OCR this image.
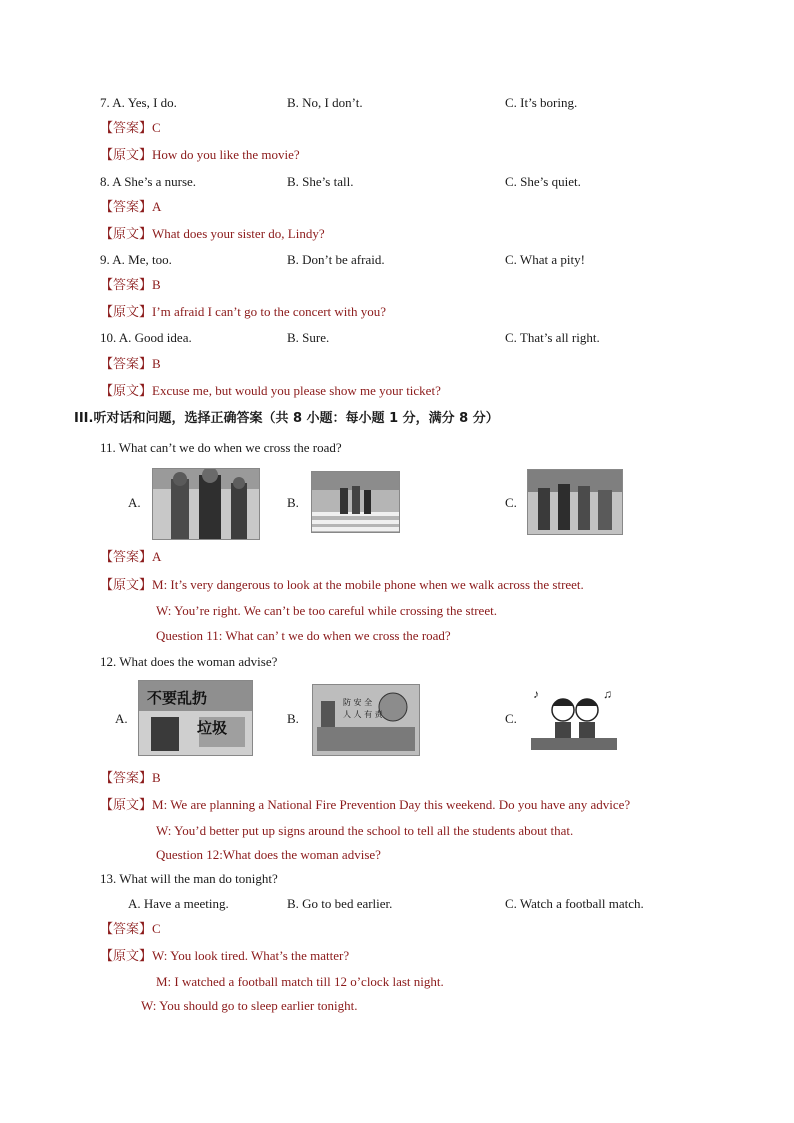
7. A. Yes, I do.	B. No, I don’t.	C. It’s boring.
【答案】C
【原文】How do you like the movie?
8. A She’s a nurse.	B. She’s tall.	C. She’s quiet.
【答案】A
【原文】What does your sister do, Lindy?
9. A. Me, too.	B. Don’t be afraid.	C. What a pity!
【答案】B
【原文】I’m afraid I can’t go to the concert with you?
10. A. Good idea.	B. Sure.	C. That’s all right.
【答案】B
【原文】Excuse me, but would you please show me your ticket?
III.听对话和问题，选择正确答案（共 8 小题：每小题 1 分，满分 8 分）
11. What can’t we do when we cross the road?
A.	B.	C.
【答案】A
【原文】M: It’s very dangerous to look at the mobile phone when we walk across the street.
W: You’re right. We can’t be too careful while crossing the street.
Question 11: What can’ t we do when we cross the road?
12. What does the woman advise?
A.
不要乱扔
垃圾
B.
防 安 全
人 人 有 责	C.
♪	♫
【答案】B
【原文】M: We are planning a National Fire Prevention Day this weekend. Do you have any advice?
W: You’d better put up signs around the school to tell all the students about that.
Question 12:What does the woman advise?
13. What will the man do tonight?
A. Have a meeting.	B. Go to bed earlier.	C. Watch a football match.
【答案】C
【原文】W: You look tired. What’s the matter?
M: I watched a football match till 12 o’clock last night.
W: You should go to sleep earlier tonight.
